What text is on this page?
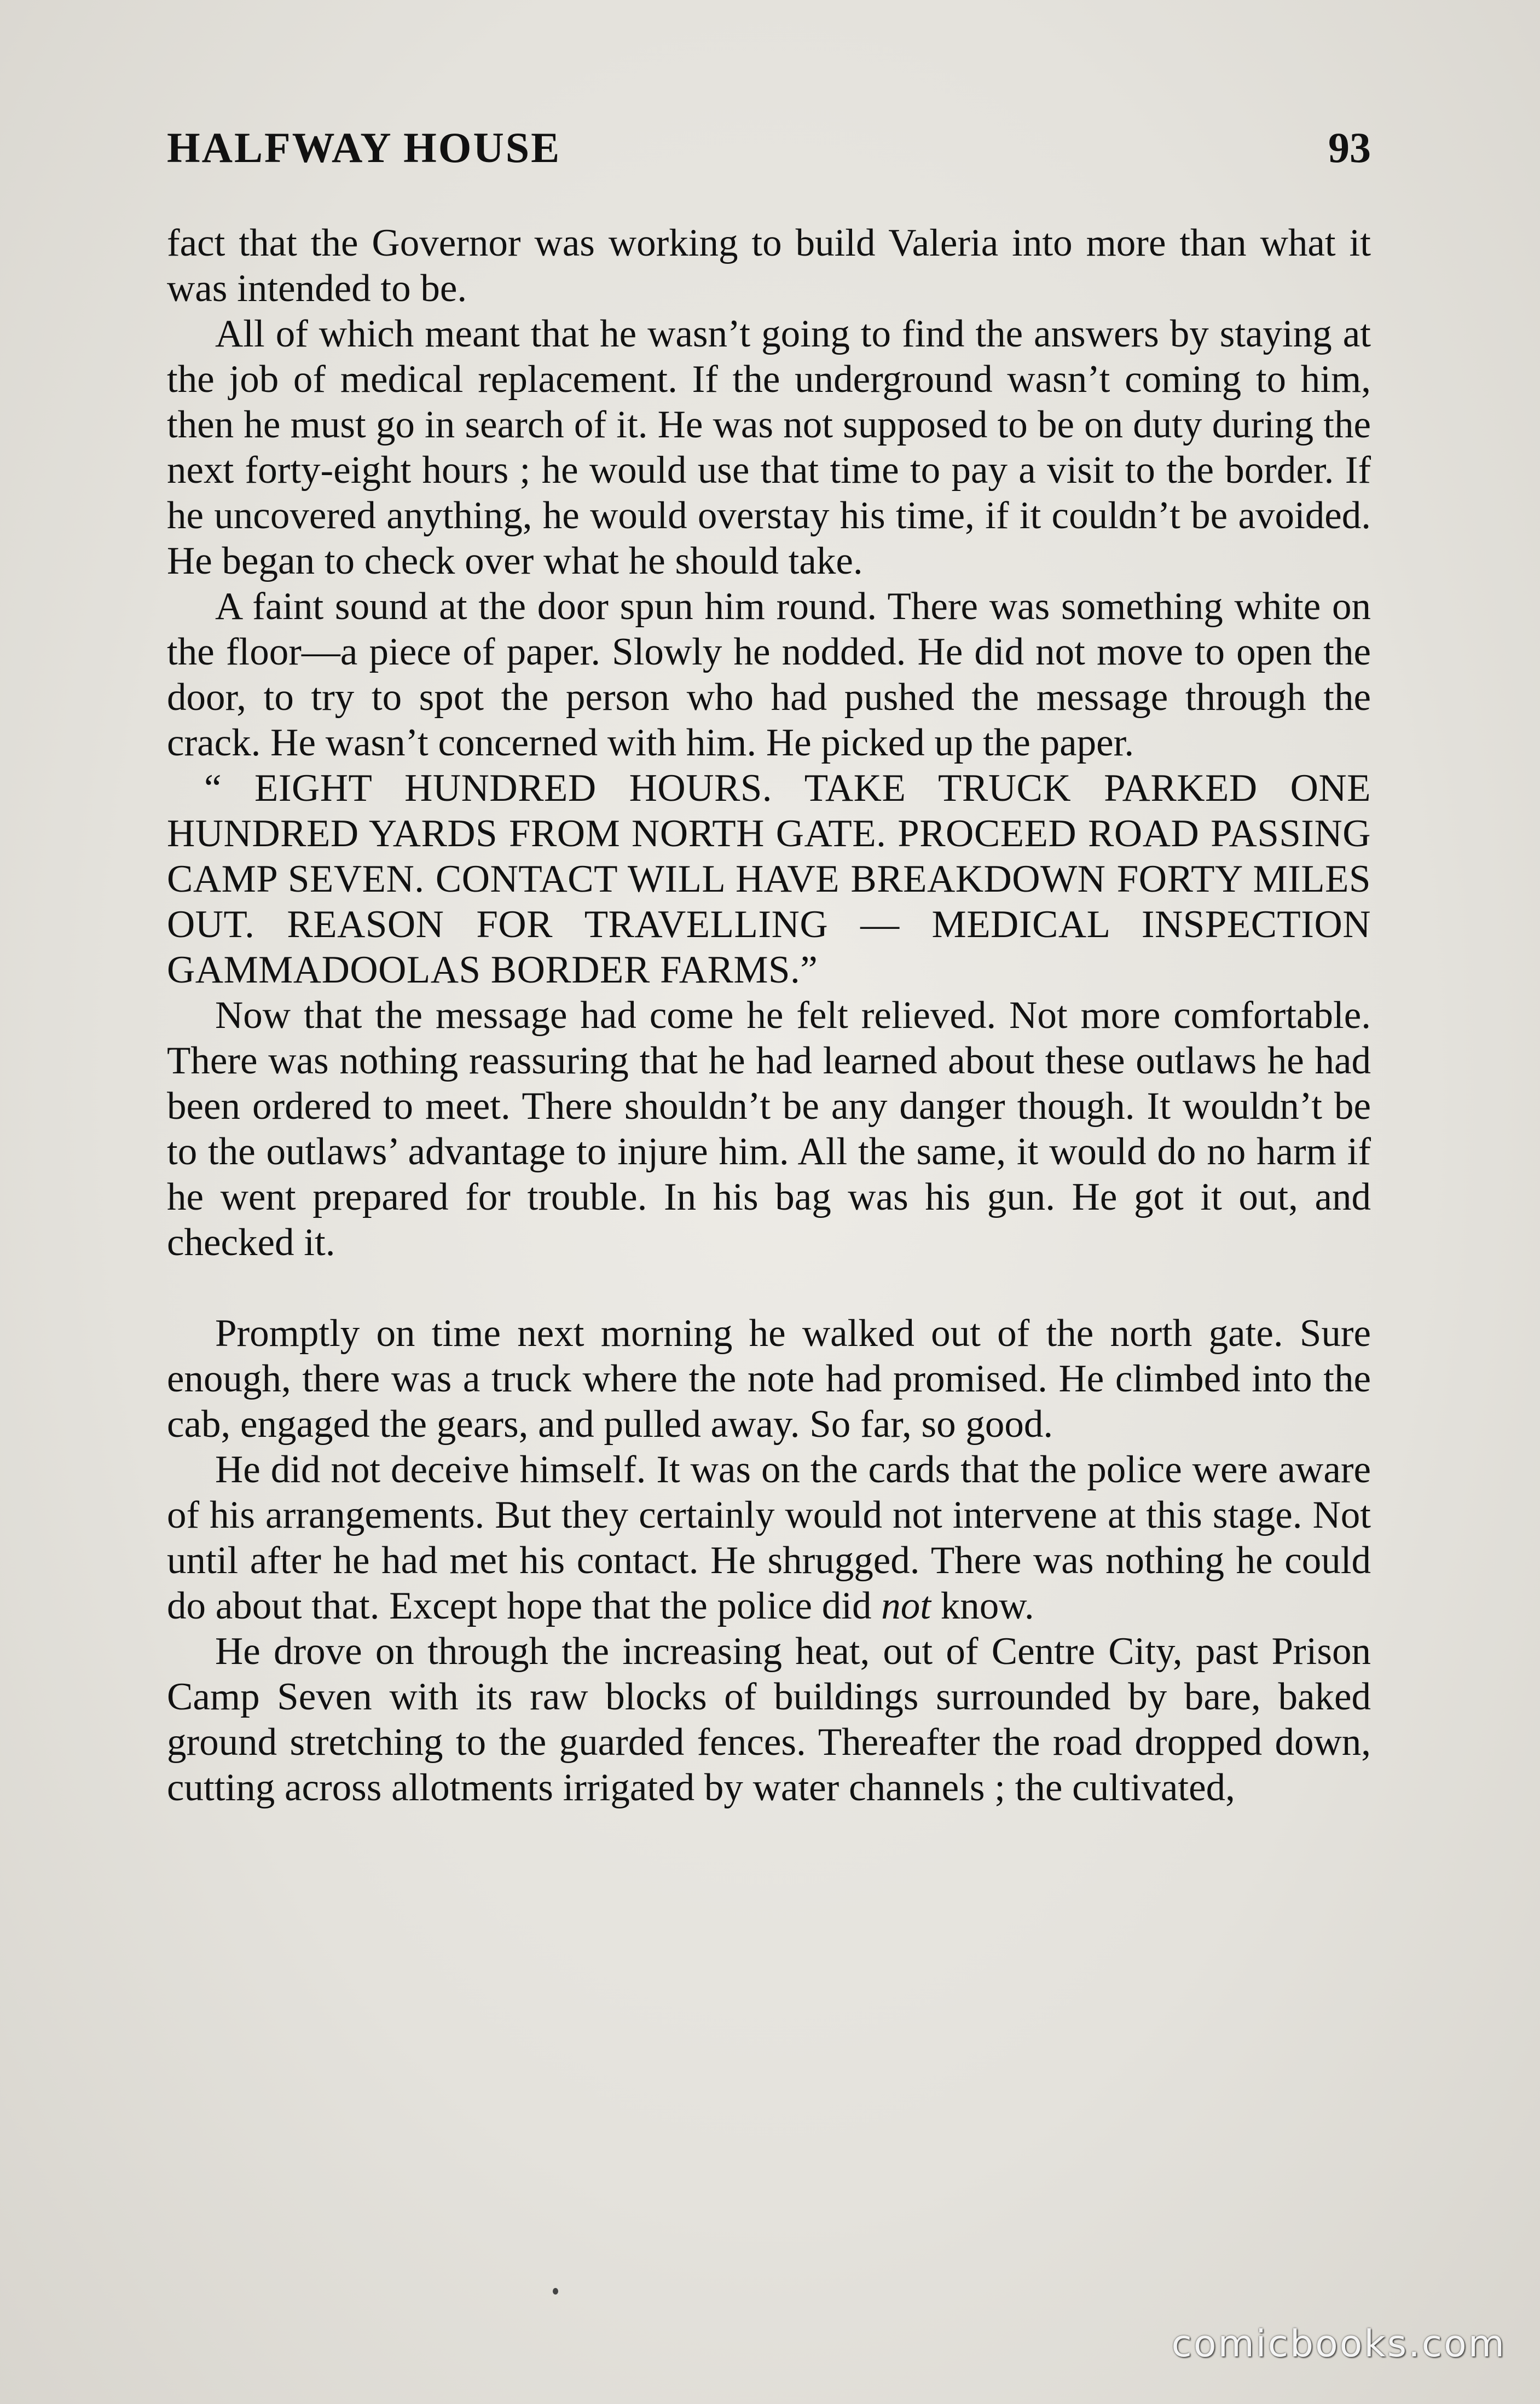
HALFWAY HOUSE	93

fact that the Governor was working to build Valeria into more than what it was intended to be.

All of which meant that he wasn’t going to find the answers by staying at the job of medical replacement. If the underground wasn’t coming to him, then he must go in search of it. He was not supposed to be on duty during the next forty-eight hours ; he would use that time to pay a visit to the border. If he uncovered anything, he would overstay his time, if it couldn’t be avoided. He began to check over what he should take.

A faint sound at the door spun him round. There was something white on the floor—a piece of paper. Slowly he nodded. He did not move to open the door, to try to spot the person who had pushed the message through the crack. He wasn’t concerned with him. He picked up the paper.

“ EIGHT HUNDRED HOURS. TAKE TRUCK PARKED ONE HUNDRED YARDS FROM NORTH GATE. PROCEED ROAD PASSING CAMP SEVEN. CONTACT WILL HAVE BREAKDOWN FORTY MILES OUT. REASON FOR TRAVELLING — MEDICAL INSPECTION GAMMADOOLAS BORDER FARMS.”

Now that the message had come he felt relieved. Not more comfortable. There was nothing reassuring that he had learned about these outlaws he had been ordered to meet. There shouldn’t be any danger though. It wouldn’t be to the outlaws’ advantage to injure him. All the same, it would do no harm if he went prepared for trouble. In his bag was his gun. He got it out, and checked it.

Promptly on time next morning he walked out of the north gate. Sure enough, there was a truck where the note had promised. He climbed into the cab, engaged the gears, and pulled away. So far, so good.

He did not deceive himself. It was on the cards that the police were aware of his arrangements. But they certainly would not intervene at this stage. Not until after he had met his contact. He shrugged. There was nothing he could do about that. Except hope that the police did not know.

He drove on through the increasing heat, out of Centre City, past Prison Camp Seven with its raw blocks of buildings surrounded by bare, baked ground stretching to the guarded fences. Thereafter the road dropped down, cutting across allotments irrigated by water channels ; the cultivated,

comicbooks.com
